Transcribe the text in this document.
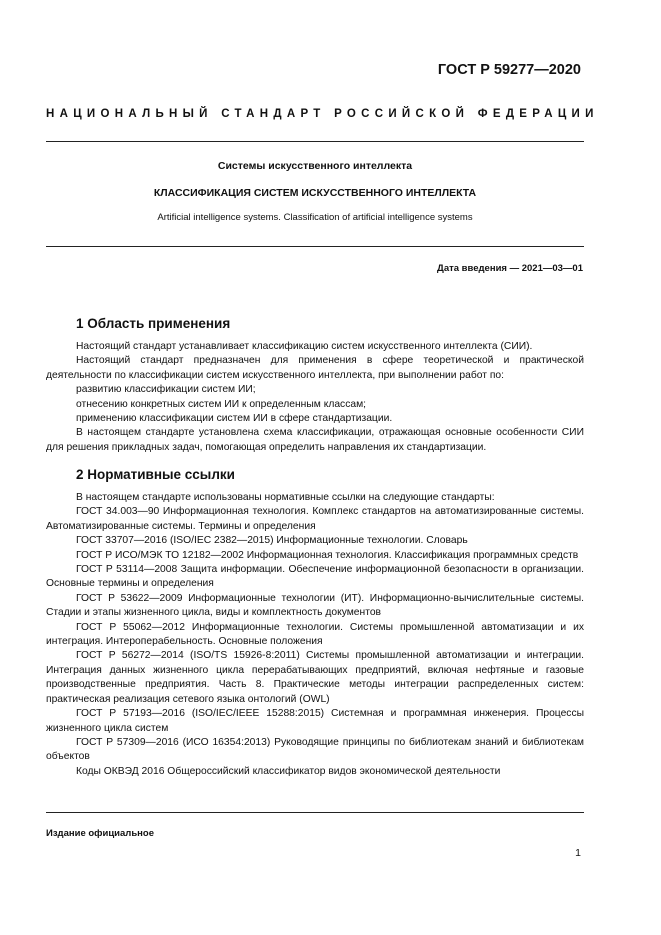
ГОСТ Р 59277—2020
НАЦИОНАЛЬНЫЙ СТАНДАРТ РОССИЙСКОЙ ФЕДЕРАЦИИ
Системы искусственного интеллекта
КЛАССИФИКАЦИЯ СИСТЕМ ИСКУССТВЕННОГО ИНТЕЛЛЕКТА
Artificial intelligence systems. Classification of artificial intelligence systems
Дата введения — 2021—03—01
1 Область применения

Настоящий стандарт устанавливает классификацию систем искусственного интеллекта (СИИ).

Настоящий стандарт предназначен для применения в сфере теоретической и практической деятельности по классификации систем искусственного интеллекта, при выполнении работ по:

развитию классификации систем ИИ;

отнесению конкретных систем ИИ к определенным классам;

применению классификации систем ИИ в сфере стандартизации.

В настоящем стандарте установлена схема классификации, отражающая основные особенности СИИ для решения прикладных задач, помогающая определить направления их стандартизации.

2 Нормативные ссылки

В настоящем стандарте использованы нормативные ссылки на следующие стандарты:

ГОСТ 34.003—90 Информационная технология. Комплекс стандартов на автоматизированные системы. Автоматизированные системы. Термины и определения

ГОСТ 33707—2016 (ISO/IEC 2382—2015) Информационные технологии. Словарь

ГОСТ Р ИСО/МЭК ТО 12182—2002 Информационная технология. Классификация программных средств

ГОСТ Р 53114—2008 Защита информации. Обеспечение информационной безопасности в организации. Основные термины и определения

ГОСТ Р 53622—2009 Информационные технологии (ИТ). Информационно-вычислительные системы. Стадии и этапы жизненного цикла, виды и комплектность документов

ГОСТ Р 55062—2012 Информационные технологии. Системы промышленной автоматизации и их интеграция. Интероперабельность. Основные положения

ГОСТ Р 56272—2014 (ISO/TS 15926-8:2011) Системы промышленной автоматизации и интеграции. Интеграция данных жизненного цикла перерабатывающих предприятий, включая нефтяные и газовые производственные предприятия. Часть 8. Практические методы интеграции распределенных систем: практическая реализация сетевого языка онтологий (OWL)

ГОСТ Р 57193—2016 (ISO/IEC/IEEE 15288:2015) Системная и программная инженерия. Процессы жизненного цикла систем

ГОСТ Р 57309—2016 (ИСО 16354:2013) Руководящие принципы по библиотекам знаний и библиотекам объектов

Коды ОКВЭД 2016 Общероссийский классификатор видов экономической деятельности

Издание официальное
1
